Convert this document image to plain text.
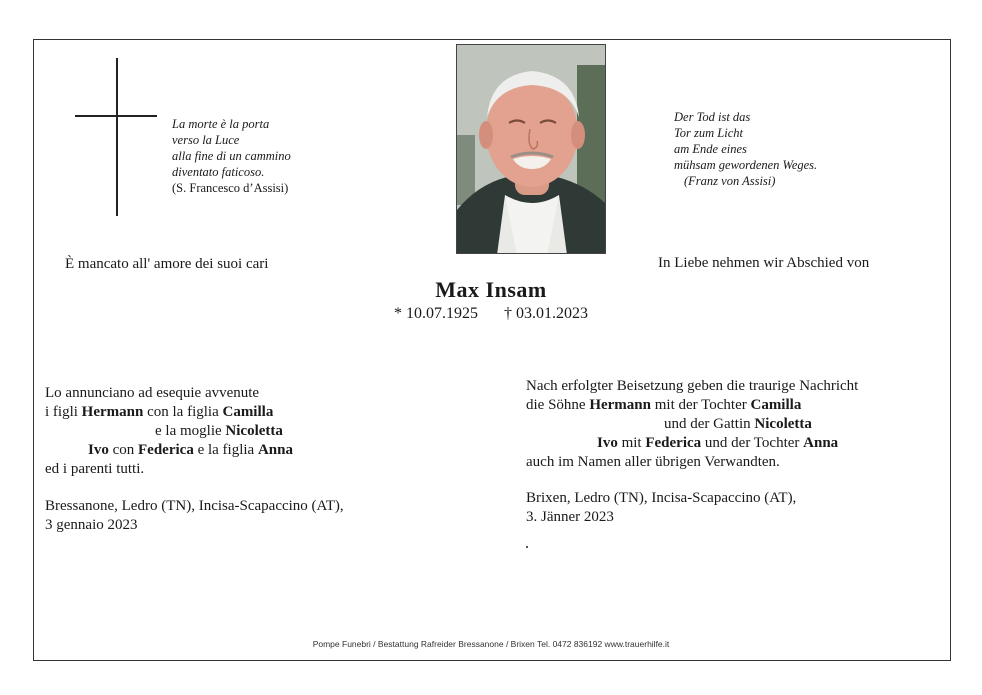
La morte è la porta
verso la Luce
alla fine di un cammino
diventato faticoso.
(S. Francesco d’Assisi)
Der Tod ist das
Tor zum Licht
am Ende eines
mühsam gewordenen Weges.
(Franz von Assisi)
È mancato all' amore dei suoi cari	In Liebe nehmen wir Abschied von
Max Insam
* 10.07.1925 † 03.01.2023
Lo annunciano ad esequie avvenute
i figli Hermann con la figlia Camilla
e la moglie Nicoletta
Ivo con Federica e la figlia Anna
ed i parenti tutti.
Bressanone, Ledro (TN), Incisa-Scapaccino (AT),
3 gennaio 2023
Nach erfolgter Beisetzung geben die traurige Nachricht
die Söhne Hermann mit der Tochter Camilla
und der Gattin Nicoletta
Ivo mit Federica und der Tochter Anna
auch im Namen aller übrigen Verwandten.
Brixen, Ledro (TN), Incisa-Scapaccino (AT),
3. Jänner 2023
Pompe Funebri / Bestattung Rafreider Bressanone / Brixen Tel. 0472 836192 www.trauerhilfe.it
